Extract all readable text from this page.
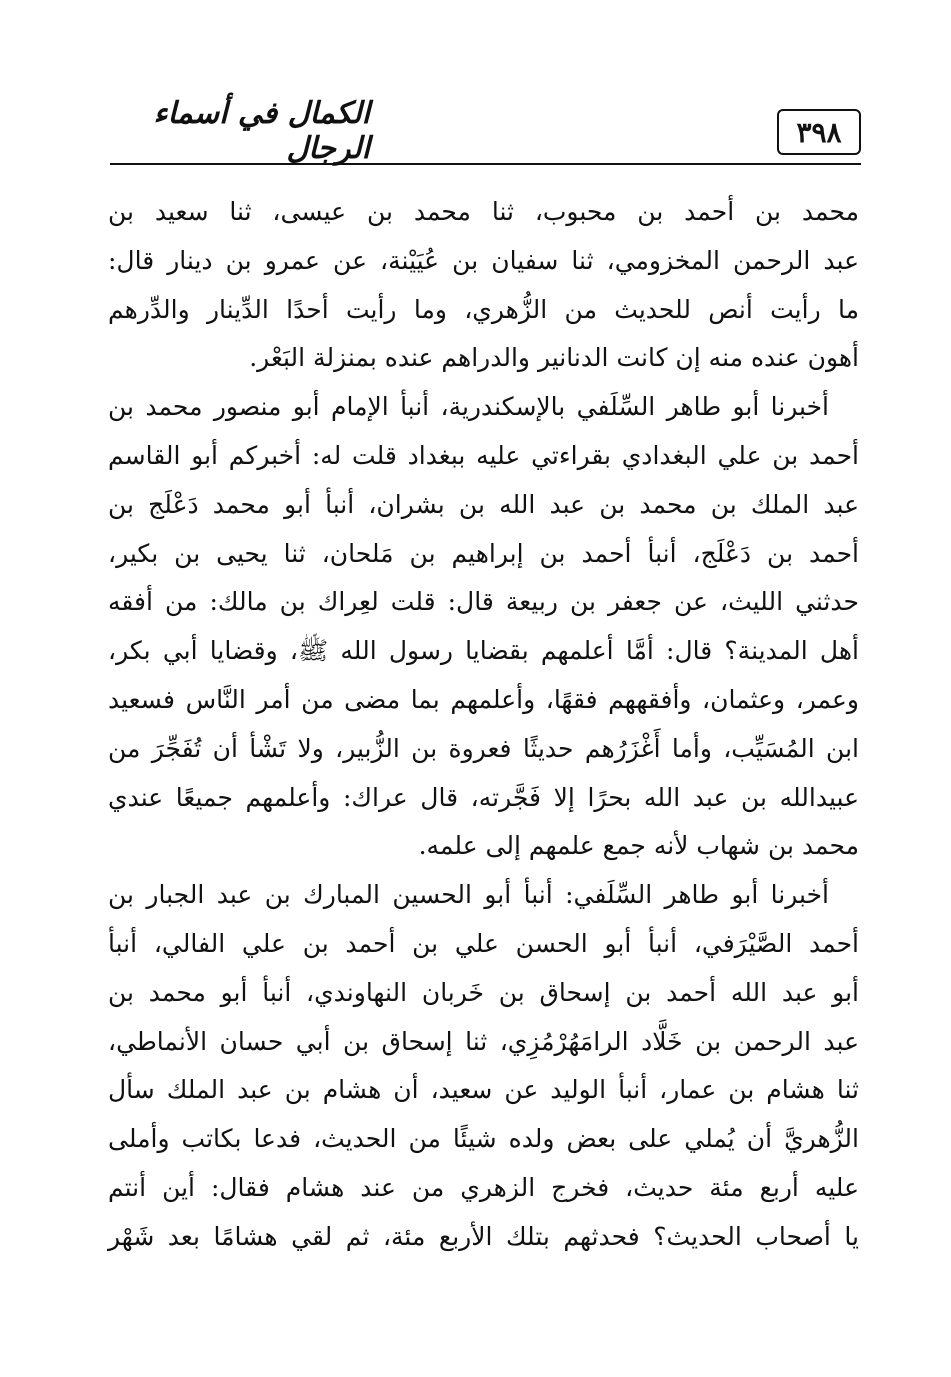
الكمال في أسماء الرجال	٣٩٨
محمد بن أحمد بن محبوب، ثنا محمد بن عيسى، ثنا سعيد بن
عبد الرحمن المخزومي، ثنا سفيان بن عُيَيْنة، عن عمرو بن دينار قال:
ما رأيت أنص للحديث من الزُّهري، وما رأيت أحدًا الدِّينار والدِّرهم
أهون عنده منه إن كانت الدنانير والدراهم عنده بمنزلة البَعْر.
أخبرنا أبو طاهر السِّلَفي بالإسكندرية، أنبأ الإمام أبو منصور محمد بن
أحمد بن علي البغدادي بقراءتي عليه ببغداد قلت له: أخبركم أبو القاسم
عبد الملك بن محمد بن عبد الله بن بشران، أنبأ أبو محمد دَعْلَج بن
أحمد بن دَعْلَج، أنبأ أحمد بن إبراهيم بن مَلحان، ثنا يحيى بن بكير،
حدثني الليث، عن جعفر بن ربيعة قال: قلت لعِراك بن مالك: من أفقه
أهل المدينة؟ قال: أمَّا أعلمهم بقضايا رسول الله ﷺ، وقضايا أبي بكر،
وعمر، وعثمان، وأفقههم فقهًا، وأعلمهم بما مضى من أمر النَّاس فسعيد
ابن المُسَيِّب، وأما أَغْزَرُهم حديثًا فعروة بن الزُّبير، ولا تَشْأ أن تُفَجِّرَ من
عبيدالله بن عبد الله بحرًا إلا فَجَّرته، قال عراك: وأعلمهم جميعًا عندي
محمد بن شهاب لأنه جمع علمهم إلى علمه.
أخبرنا أبو طاهر السِّلَفي: أنبأ أبو الحسين المبارك بن عبد الجبار بن
أحمد الصَّيْرَفي، أنبأ أبو الحسن علي بن أحمد بن علي الفالي، أنبأ
أبو عبد الله أحمد بن إسحاق بن خَربان النهاوندي، أنبأ أبو محمد بن
عبد الرحمن بن خَلَّاد الرامَهُرْمُزِي، ثنا إسحاق بن أبي حسان الأنماطي،
ثنا هشام بن عمار، أنبأ الوليد عن سعيد، أن هشام بن عبد الملك سأل
الزُّهريَّ أن يُملي على بعض ولده شيئًا من الحديث، فدعا بكاتب وأملى
عليه أربع مئة حديث، فخرج الزهري من عند هشام فقال: أين أنتم
يا أصحاب الحديث؟ فحدثهم بتلك الأربع مئة، ثم لقي هشامًا بعد شَهْر
